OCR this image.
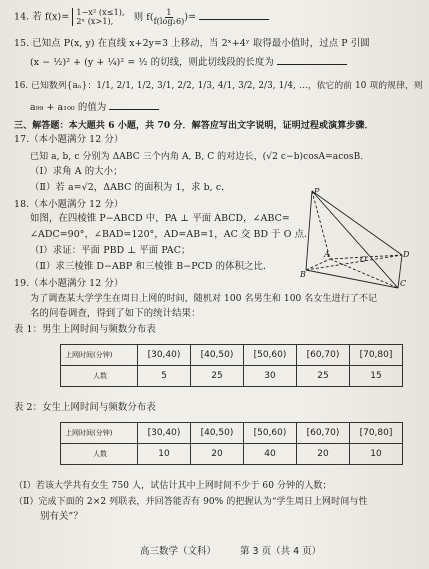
14. 若 f(x)= 1−x² (x≤1),
2ˣ (x>1), 则 $f( \frac{1}{\text{f(log₂6)}}$ )=
15. 已知点 P(x, y) 在直线 x+2y=3 上移动，当 2ˣ+4ʸ 取得最小值时，过点 P 引圆
(x − ½)² + (y + ¼)² = ½ 的切线，则此切线段的长度为
16. 已知数列{aₙ}：1/1, 2/1, 1/2, 3/1, 2/2, 1/3, 4/1, 3/2, 2/3, 1/4, …，依它的前 10 项的规律，则
a₉₉ + a₁₀₀ 的值为
三、解答题：本大题共 6 小题，共 70 分．解答应写出文字说明，证明过程或演算步骤．
17.（本小题满分 12 分）
已知 a, b, c 分别为 ΔABC 三个内角 A, B, C 的对边长，(√2 c−b)cosA=acosB．
（Ⅰ）求角 A 的大小；
（Ⅱ）若 a=√2，ΔABC 的面积为 1，求 b, c．
18.（本小题满分 12 分）
如图，在四棱锥 P−ABCD 中，PA ⊥ 平面 ABCD，∠ABC=
∠ADC=90°，∠BAD=120°，AD=AB=1，AC 交 BD 于 O 点．
（Ⅰ）求证：平面 PBD ⊥ 平面 PAC；
（Ⅱ）求三棱锥 D−ABP 和三棱锥 B−PCD 的体积之比．
P
A
B
C
D
O
19.（本小题满分 12 分）
为了调查某大学学生在周日上网的时间，随机对 100 名男生和 100 名女生进行了不记
名的问卷调查，得到了如下的统计结果：
表 1：男生上网时间与频数分布表
上网时间(分钟)	[30,40)	[40,50)	[50,60)	[60,70)	[70,80]
人数	5	25	30	25	15
表 2：女生上网时间与频数分布表
上网时间(分钟)	[30,40)	[40,50)	[50,60)	[60,70)	[70,80]
人数	10	20	40	20	10
（Ⅰ）若该大学共有女生 750 人，试估计其中上网时间不少于 60 分钟的人数；
（Ⅱ）完成下面的 2×2 列联表，并回答能否有 90% 的把握认为“学生周日上网时间与性
别有关”？
高三数学（文科）	第 3 页（共 4 页）
